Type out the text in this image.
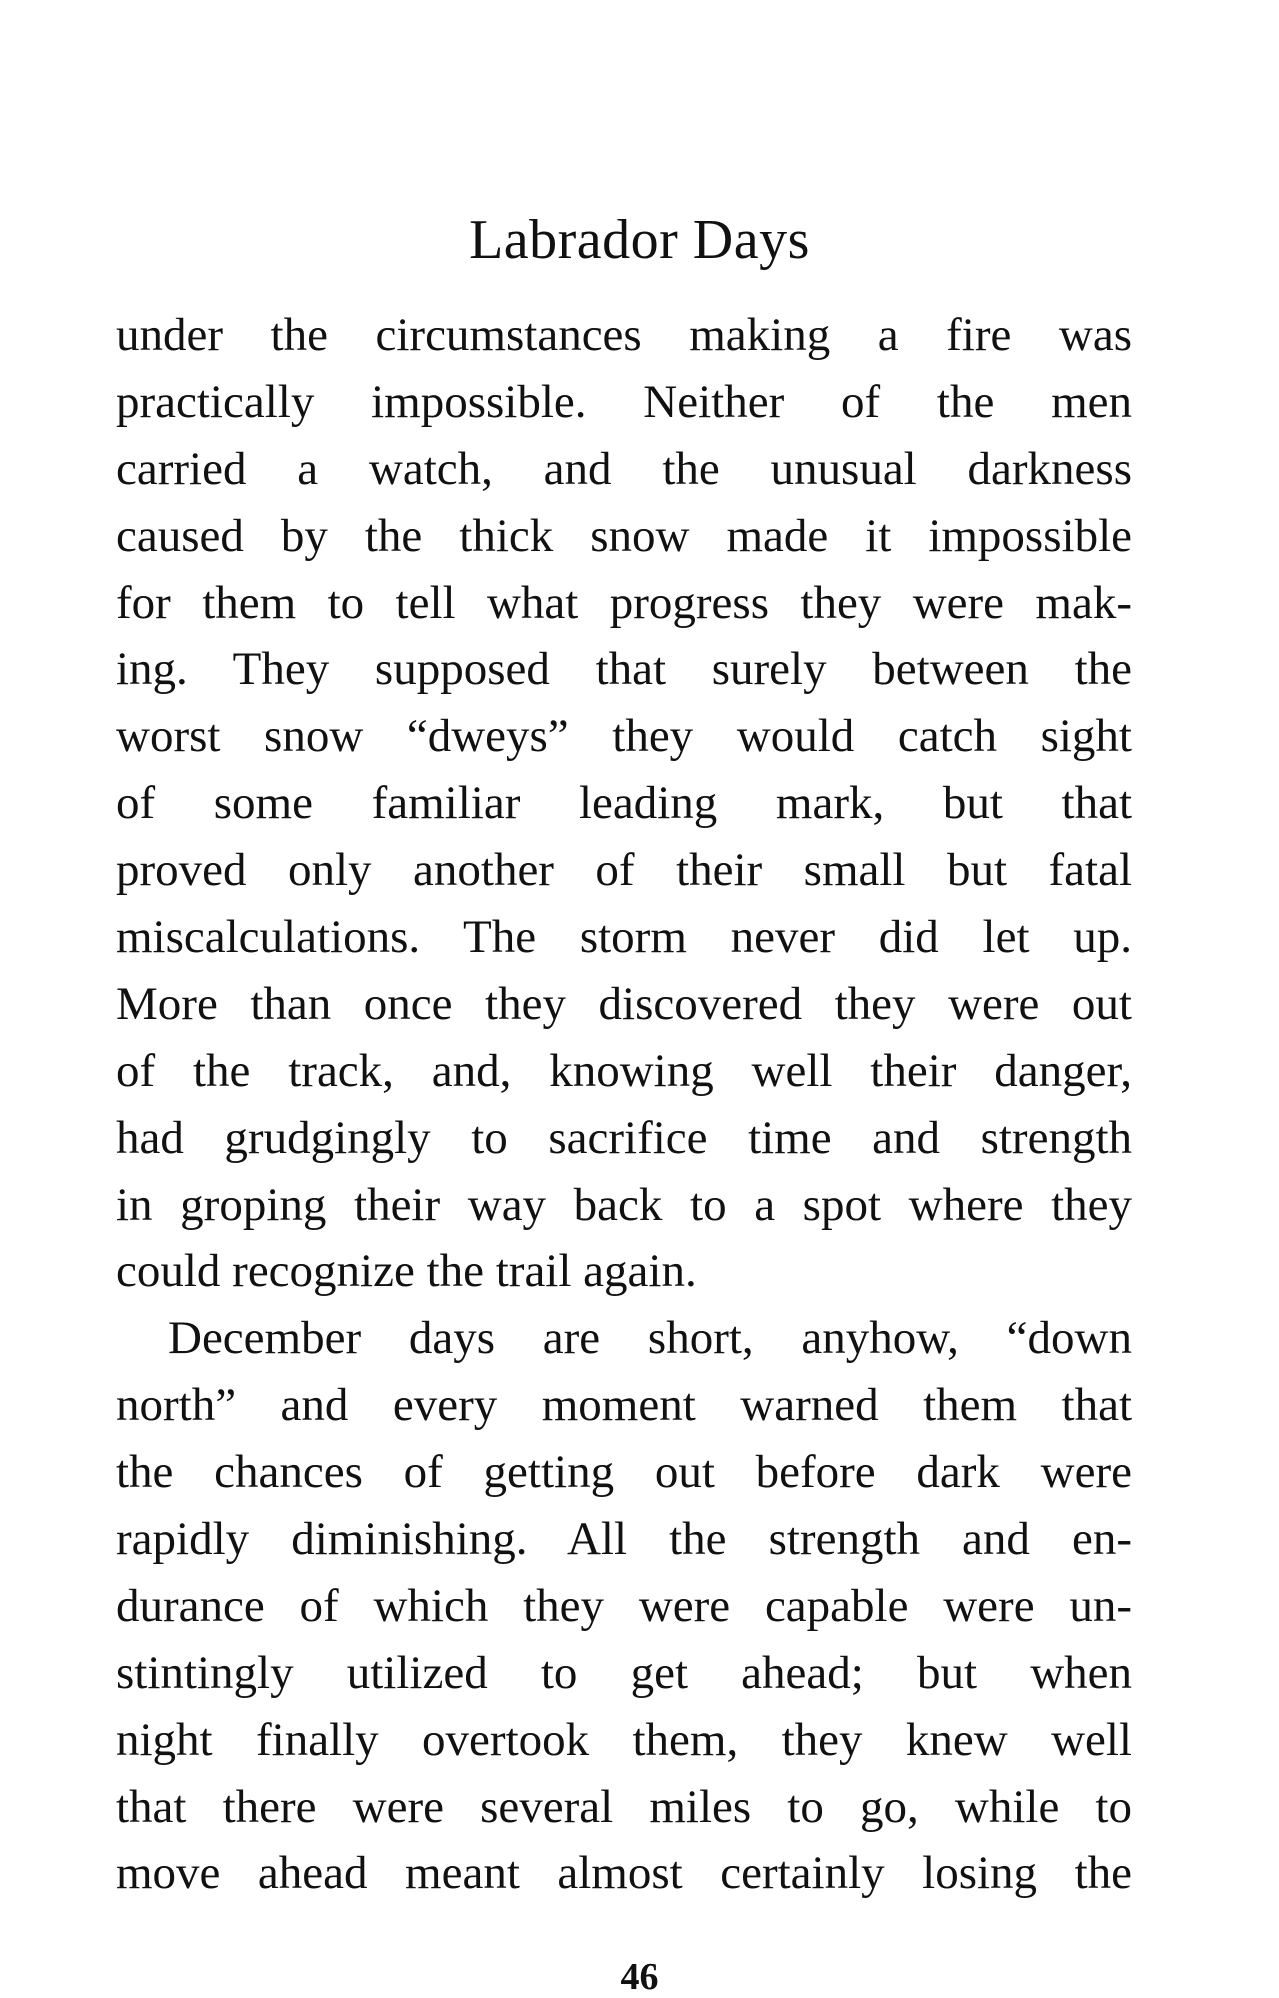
Labrador Days
under the circumstances making a fire was
practically impossible. Neither of the men
carried a watch, and the unusual darkness
caused by the thick snow made it impossible
for them to tell what progress they were mak-
ing. They supposed that surely between the
worst snow “dweys” they would catch sight
of some familiar leading mark, but that
proved only another of their small but fatal
miscalculations. The storm never did let up.
More than once they discovered they were out
of the track, and, knowing well their danger,
had grudgingly to sacrifice time and strength
in groping their way back to a spot where they
could recognize the trail again.
December days are short, anyhow, “down
north” and every moment warned them that
the chances of getting out before dark were
rapidly diminishing. All the strength and en-
durance of which they were capable were un-
stintingly utilized to get ahead; but when
night finally overtook them, they knew well
that there were several miles to go, while to
move ahead meant almost certainly losing the
46
